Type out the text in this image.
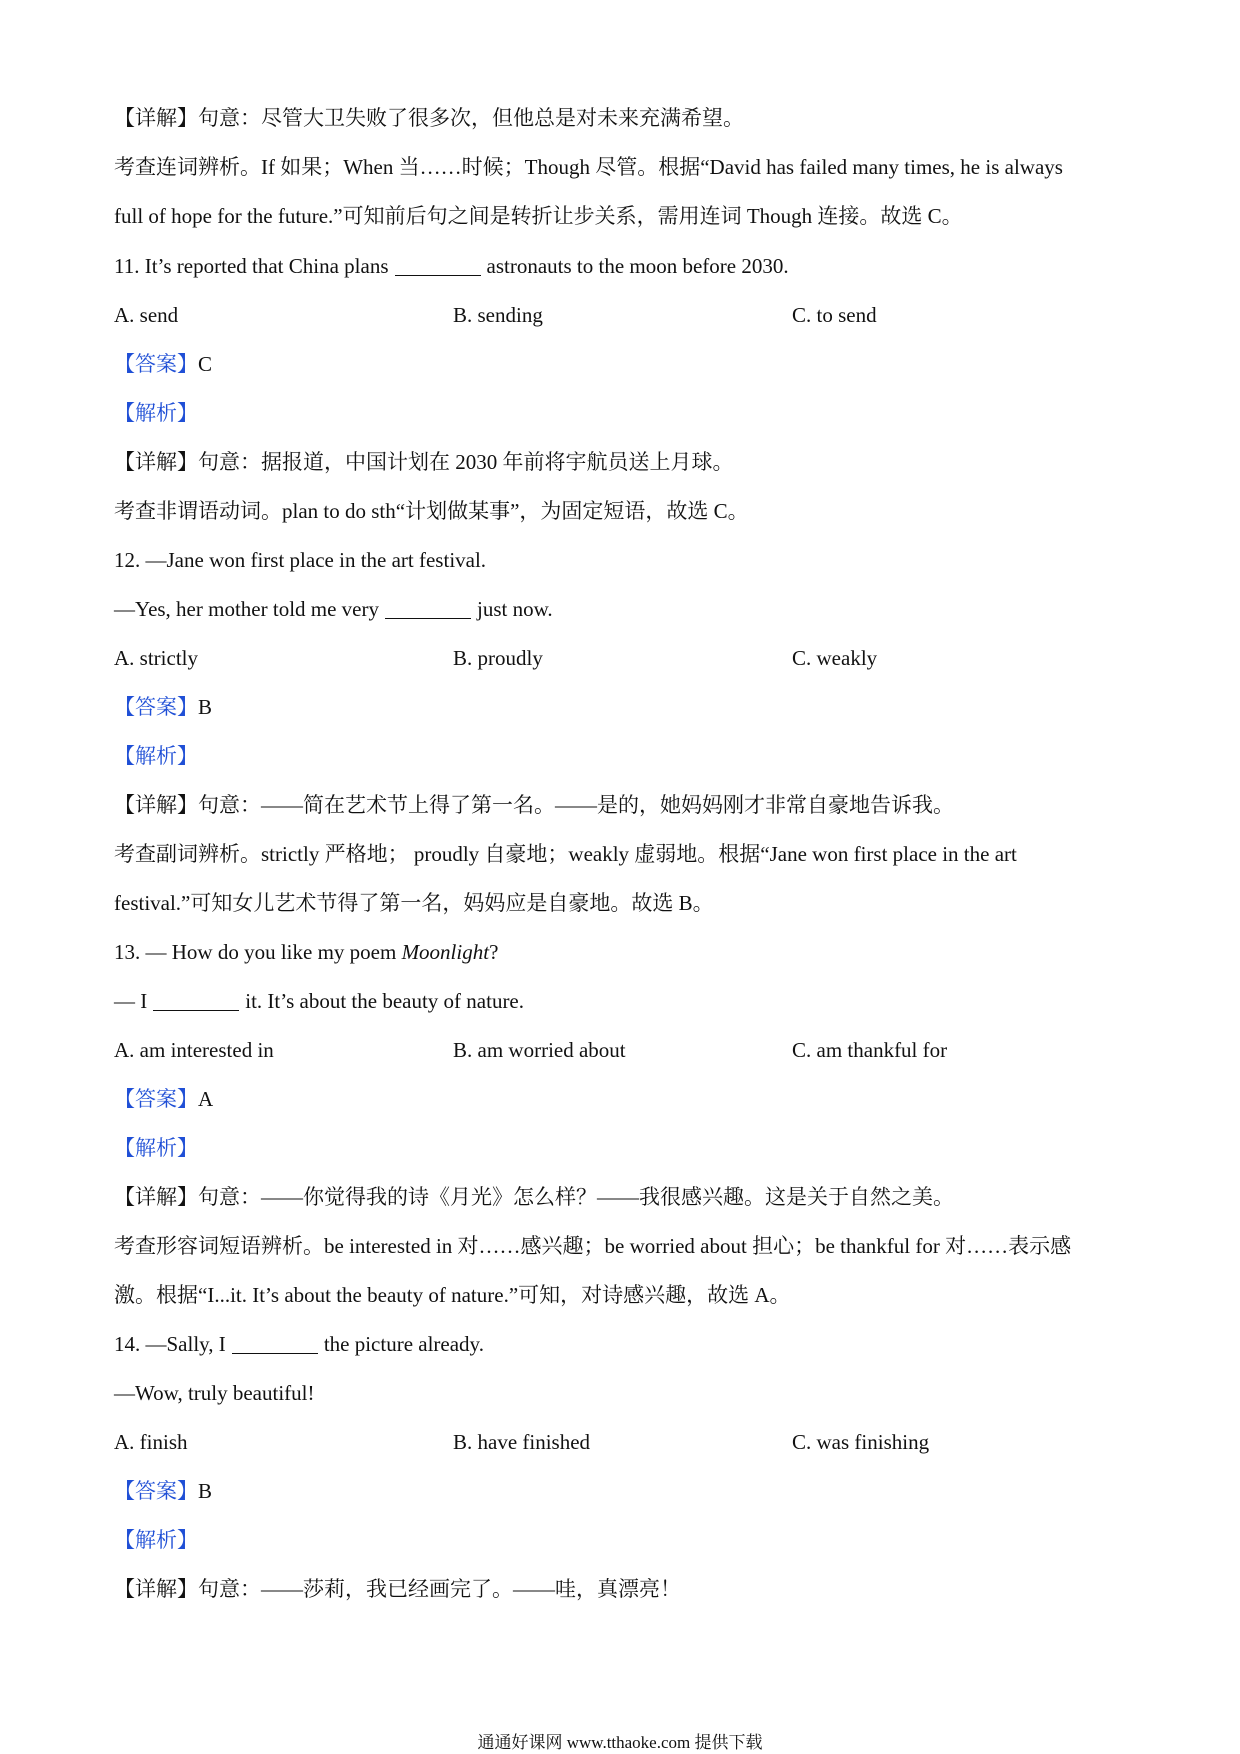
【详解】句意：尽管大卫失败了很多次，但他总是对未来充满希望。
考查连词辨析。If 如果；When 当……时候；Though 尽管。根据“David has failed many times, he is always
full of hope for the future.”可知前后句之间是转折让步关系，需用连词 Though 连接。故选 C。
11. It’s reported that China plans	astronauts to the moon before 2030.
A. send	B. sending	C. to send
【答案】C
【解析】
【详解】句意：据报道，中国计划在 2030 年前将宇航员送上月球。
考查非谓语动词。plan to do sth“计划做某事”，为固定短语，故选 C。
12. —Jane won first place in the art festival.
—Yes, her mother told me very	just now.
A. strictly	B. proudly	C. weakly
【答案】B
【解析】
【详解】句意：——简在艺术节上得了第一名。——是的，她妈妈刚才非常自豪地告诉我。
考查副词辨析。strictly 严格地； proudly 自豪地；weakly 虚弱地。根据“Jane won first place in the art
festival.”可知女儿艺术节得了第一名，妈妈应是自豪地。故选 B。
13. — How do you like my poem Moonlight?
— I	it. It’s about the beauty of nature.
A. am interested in	B. am worried about	C. am thankful for
【答案】A
【解析】
【详解】句意：——你觉得我的诗《月光》怎么样？——我很感兴趣。这是关于自然之美。
考查形容词短语辨析。be interested in 对……感兴趣；be worried about 担心；be thankful for 对……表示感
激。根据“I...it. It’s about the beauty of nature.”可知，对诗感兴趣，故选 A。
14. —Sally, I	the picture already.
—Wow, truly beautiful!
A. finish	B. have finished	C. was finishing
【答案】B
【解析】
【详解】句意：——莎莉，我已经画完了。——哇，真漂亮！
通通好课网 www.tthaoke.com 提供下载
